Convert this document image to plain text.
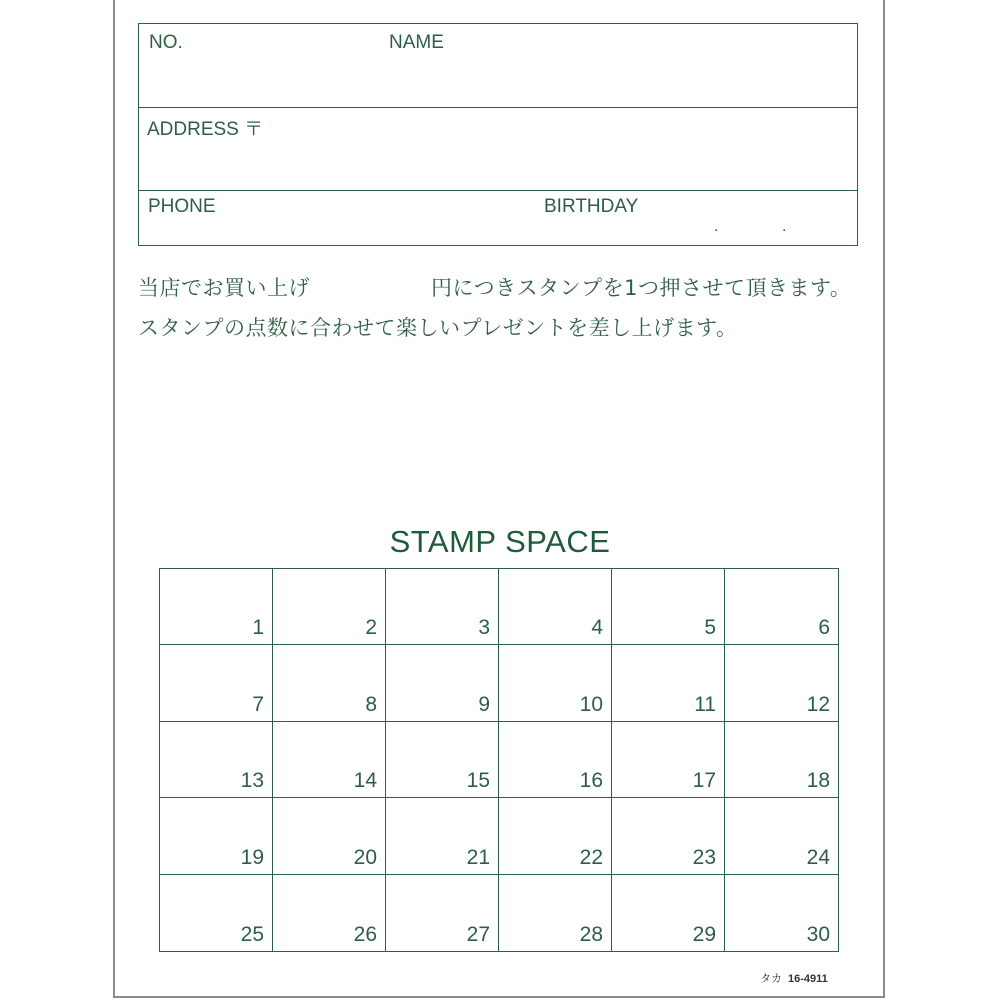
NO.	NAME
ADDRESS 〒
PHONE	BIRTHDAY
.	.
当店でお買い上げ	円につきスタンプを1つ押させて頂きます。
スタンプの点数に合わせて楽しいプレゼントを差し上げます。
STAMP SPACE
1	2	3	4	5	6
7	8	9	10	11	12
13	14	15	16	17	18
19	20	21	22	23	24
25	26	27	28	29	30
タカ 16-4911
